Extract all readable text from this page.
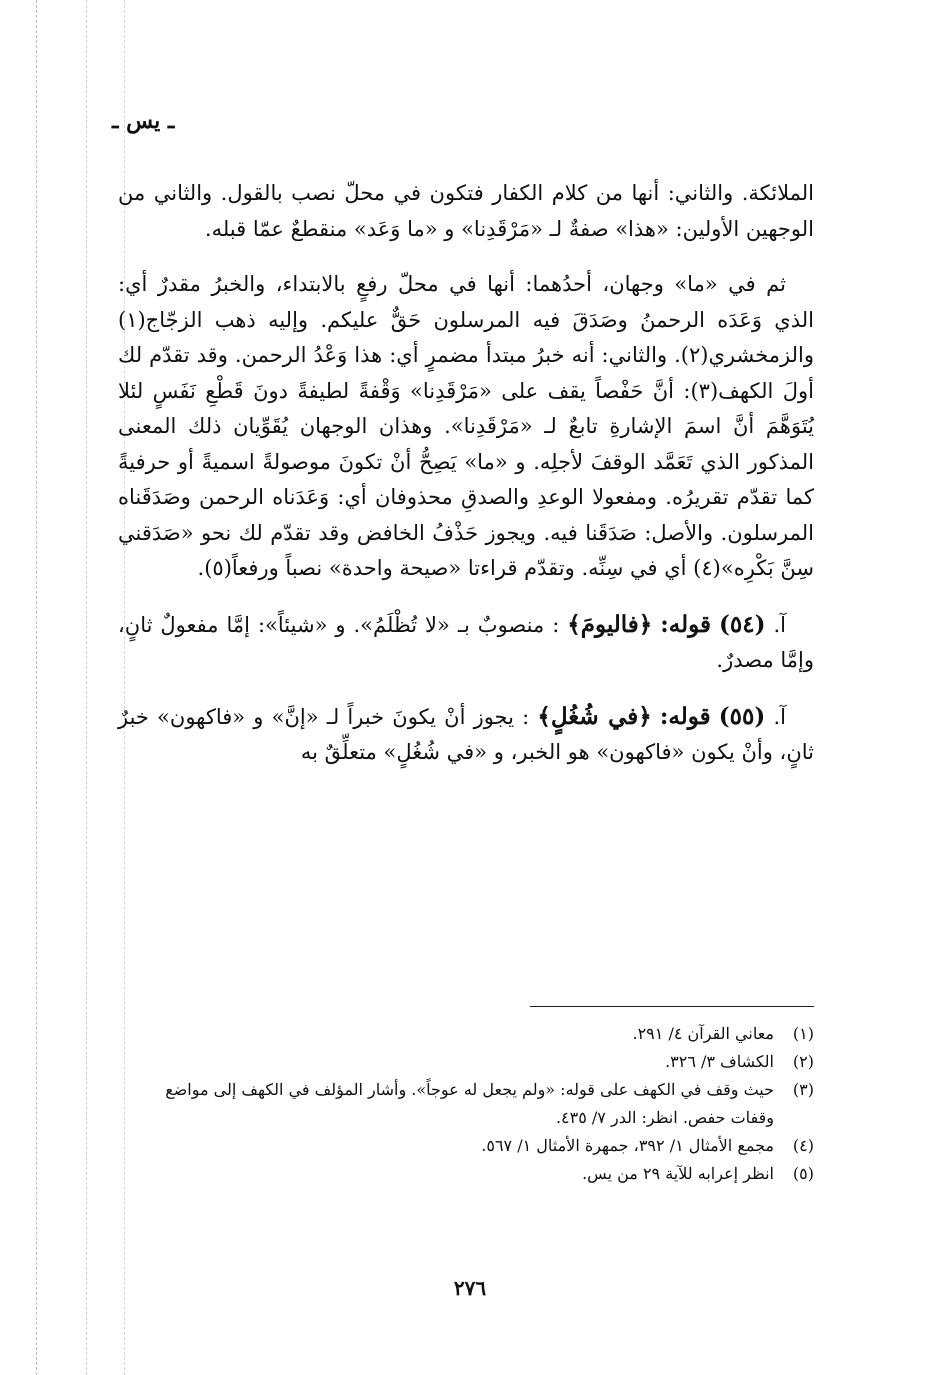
ـ يس ـ

الملائكة. والثاني: أنها من كلام الكفار فتكون في محلّ نصب بالقول. والثاني من الوجهين الأولين: «هذا» صفةٌ لـ «مَرْقَدِنا» و «ما وَعَد» منقطعٌ عمّا قبله.

ثم في «ما» وجهان، أحدُهما: أنها في محلّ رفعٍ بالابتداء، والخبرُ مقدرٌ أي: الذي وَعَدَه الرحمنُ وصَدَقَ فيه المرسلون حَقٌّ عليكم. وإليه ذهب الزجّاج(١) والزمخشري(٢). والثاني: أنه خبرُ مبتدأ مضمرٍ أي: هذا وَعْدُ الرحمن. وقد تقدّم لك أولَ الكهف(٣): أنَّ حَفْصاً يقف على «مَرْقَدِنا» وَقْفةً لطيفةً دونَ قَطْعِ نَفَسٍ لئلا يُتَوَهَّمَ أنَّ اسمَ الإشارةِ تابعٌ لـ «مَرْقَدِنا». وهذان الوجهان يُقَوِّيان ذلك المعنى المذكور الذي تَعَمَّد الوقفَ لأجلِه. و «ما» يَصِحُّ أنْ تكونَ موصولةً اسميةً أو حرفيةً كما تقدّم تقريرُه. ومفعولا الوعدِ والصدقِ محذوفان أي: وَعَدَناه الرحمن وصَدَقَناه المرسلون. والأصل: صَدَقَنا فيه. ويجوز حَذْفُ الخافض وقد تقدّم لك نحو «صَدَقني سِنَّ بَكْرِه»(٤) أي في سِنِّه. وتقدّم قراءتا «صيحة واحدة» نصباً ورفعاً(٥).

آ. (٥٤) قوله: ﴿فاليومَ﴾ : منصوبٌ بـ «لا تُظْلَمُ». و «شيئاً»: إمَّا مفعولٌ ثانٍ، وإمَّا مصدرٌ.

آ. (٥٥) قوله: ﴿في شُغُلٍ﴾ : يجوز أنْ يكونَ خبراً لـ «إنَّ» و «فاكهون» خبرٌ ثانٍ، وأنْ يكون «فاكهون» هو الخبر، و «في شُغُلٍ» متعلِّقٌ به

(١)
معاني القرآن ٤/ ٢٩١.
(٢)
الكشاف ٣/ ٣٢٦.
(٣)
حيث وقف في الكهف على قوله: «ولم يجعل له عوجاً». وأشار المؤلف في الكهف إلى مواضع وقفات حفص. انظر: الدر ٧/ ٤٣٥.
(٤)
مجمع الأمثال ١/ ٣٩٢، جمهرة الأمثال ١/ ٥٦٧.
(٥)
انظر إعرابه للآية ٢٩ من يس.
٢٧٦
